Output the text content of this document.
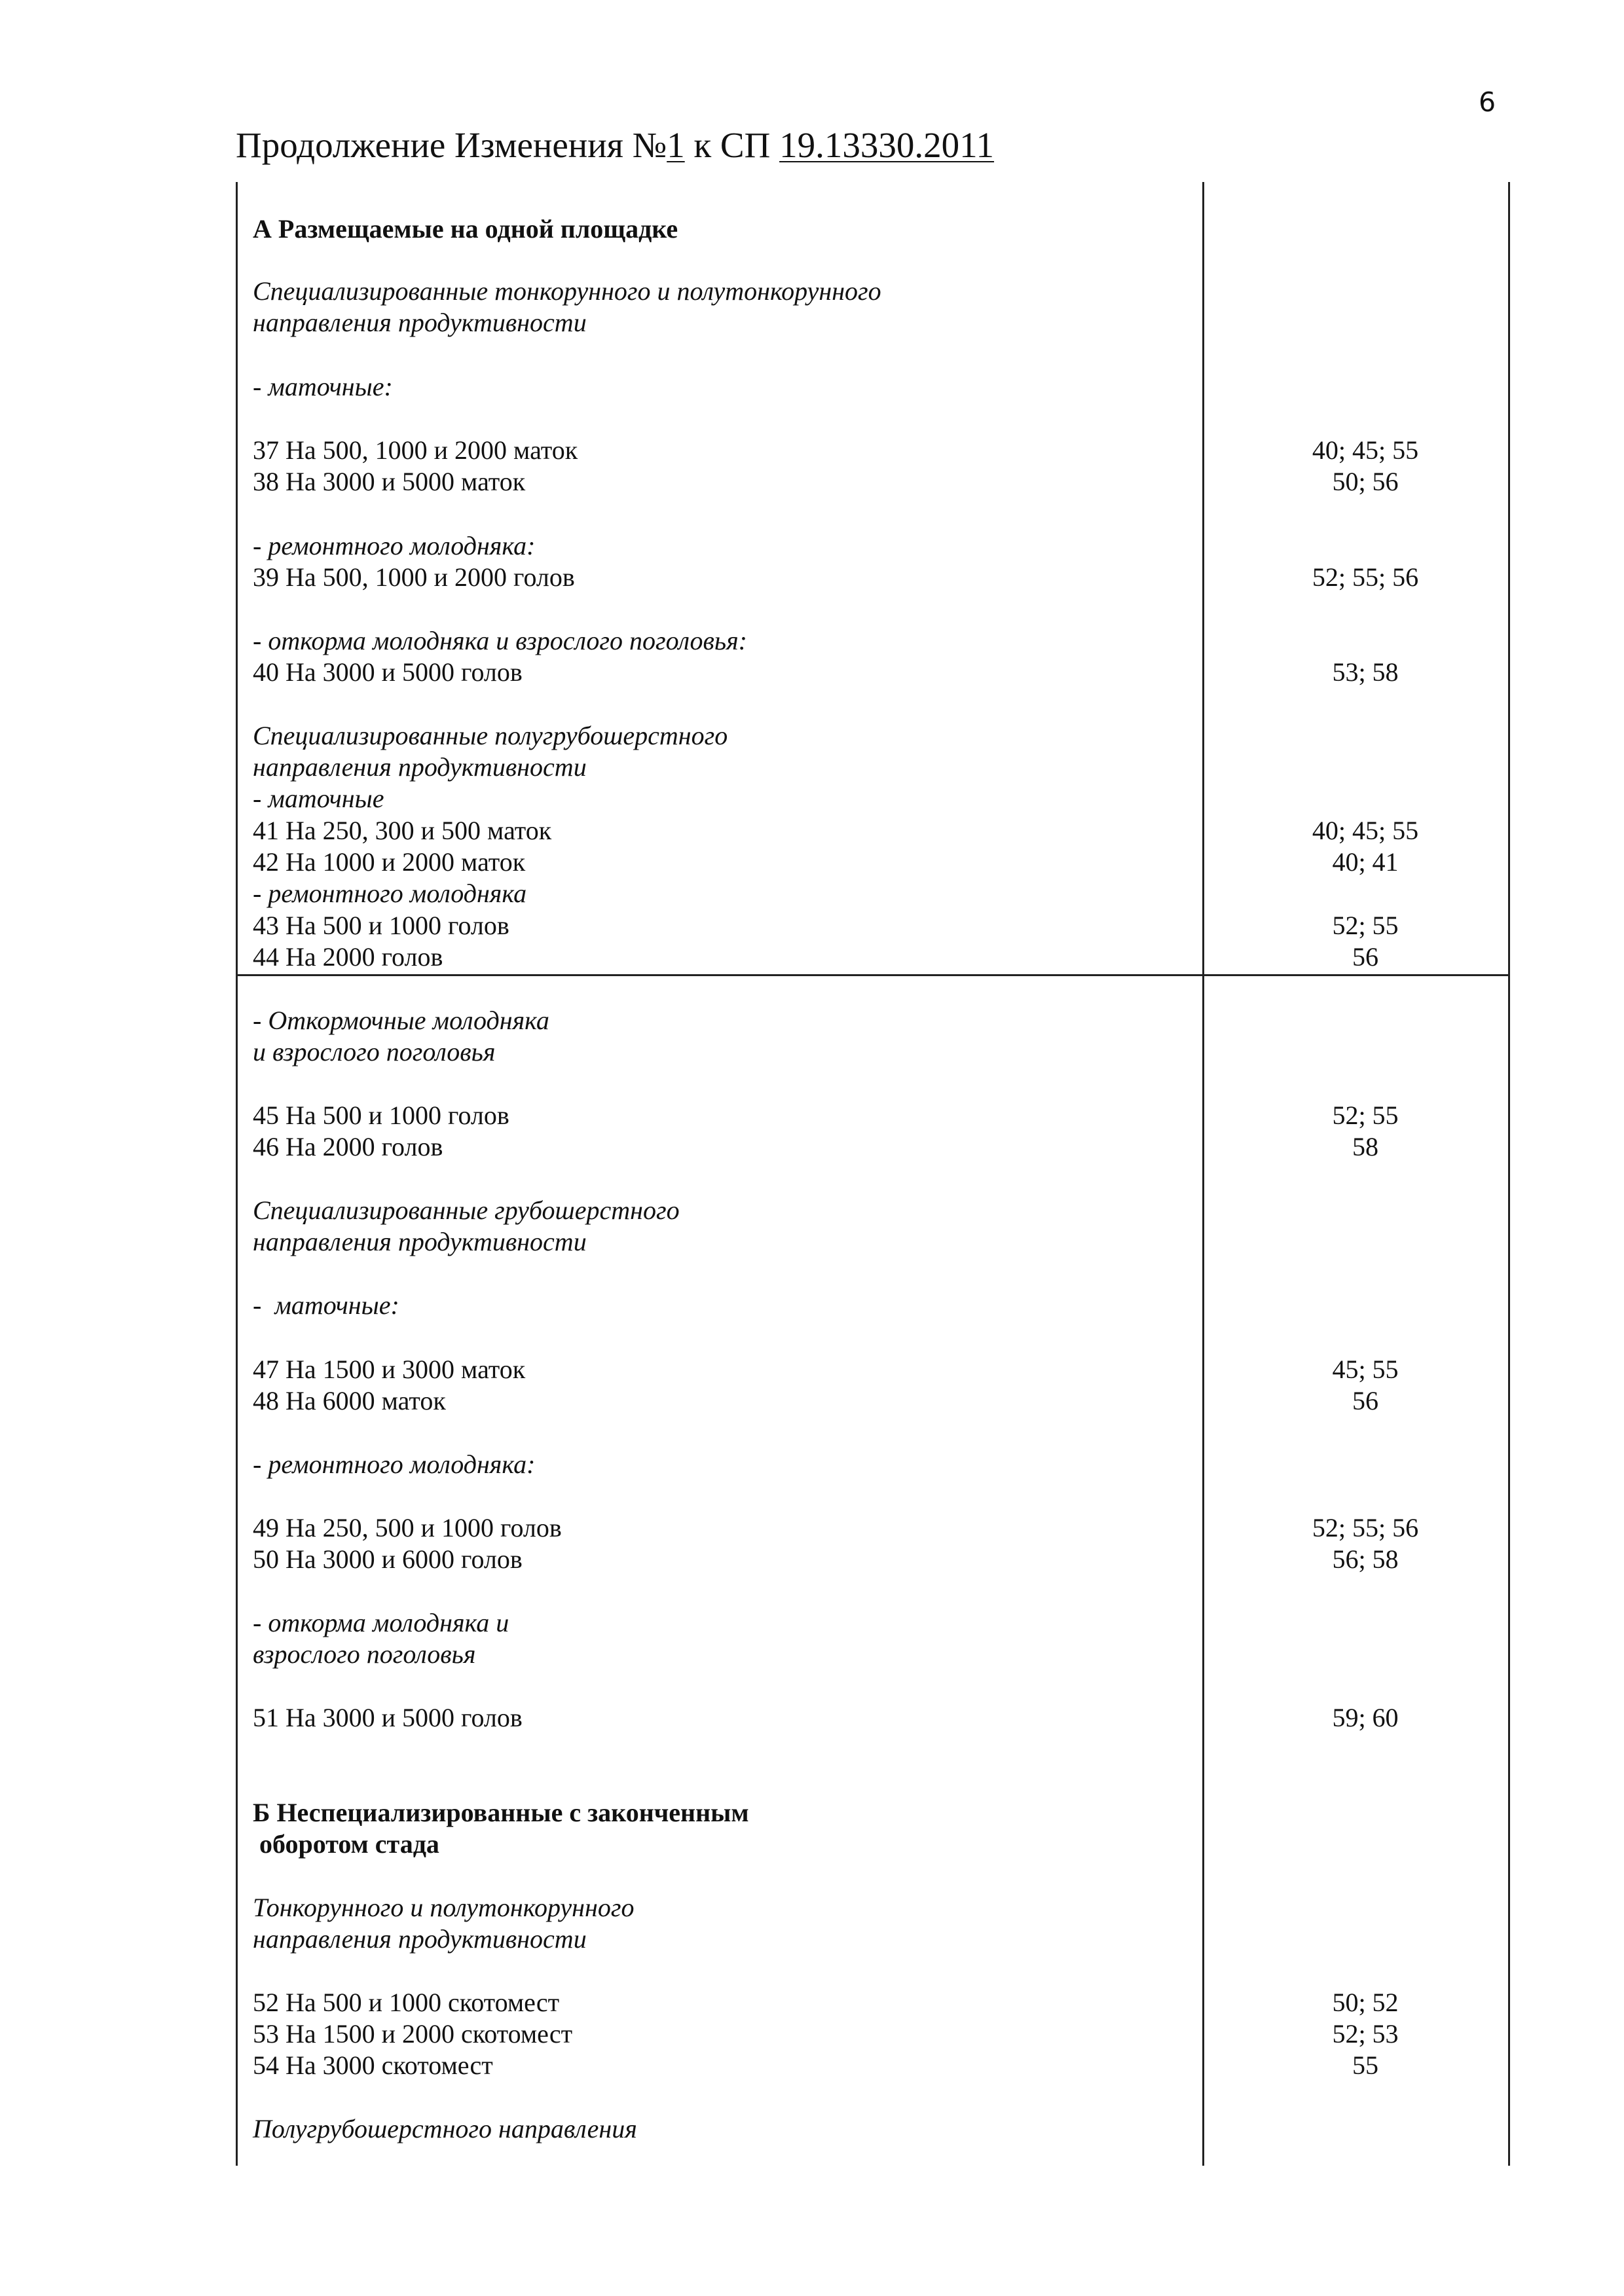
6
Продолжение Изменения №1 к СП 19.13330.2011
А Размещаемые на одной площадке
Специализированные тонкорунного и полутонкорунного
направления продуктивности
- маточные:
37 На 500, 1000 и 2000 маток	40; 45; 55
38 На 3000 и 5000 маток	50; 56
- ремонтного молодняка:
39 На 500, 1000 и 2000 голов	52; 55; 56
- откорма молодняка и взрослого поголовья:
40 На 3000 и 5000 голов	53; 58
Специализированные полугрубошерстного
направления продуктивности
- маточные
41 На 250, 300 и 500 маток	40; 45; 55
42 На 1000 и 2000 маток	40; 41
- ремонтного молодняка
43 На 500 и 1000 голов	52; 55
44 На 2000 голов	56
- Откормочные молодняка
и взрослого поголовья
45 На 500 и 1000 голов	52; 55
46 На 2000 голов	58
Специализированные грубошерстного
направления продуктивности
-  маточные:
47 На 1500 и 3000 маток	45; 55
48 На 6000 маток	56
- ремонтного молодняка:
49 На 250, 500 и 1000 голов	52; 55; 56
50 На 3000 и 6000 голов	56; 58
- откорма молодняка и
взрослого поголовья
51 На 3000 и 5000 голов	59; 60
Б Неспециализированные с законченным
оборотом стада
Тонкорунного и полутонкорунного
направления продуктивности
52 На 500 и 1000 скотомест	50; 52
53 На 1500 и 2000 скотомест	52; 53
54 На 3000 скотомест	55
Полугрубошерстного направления
